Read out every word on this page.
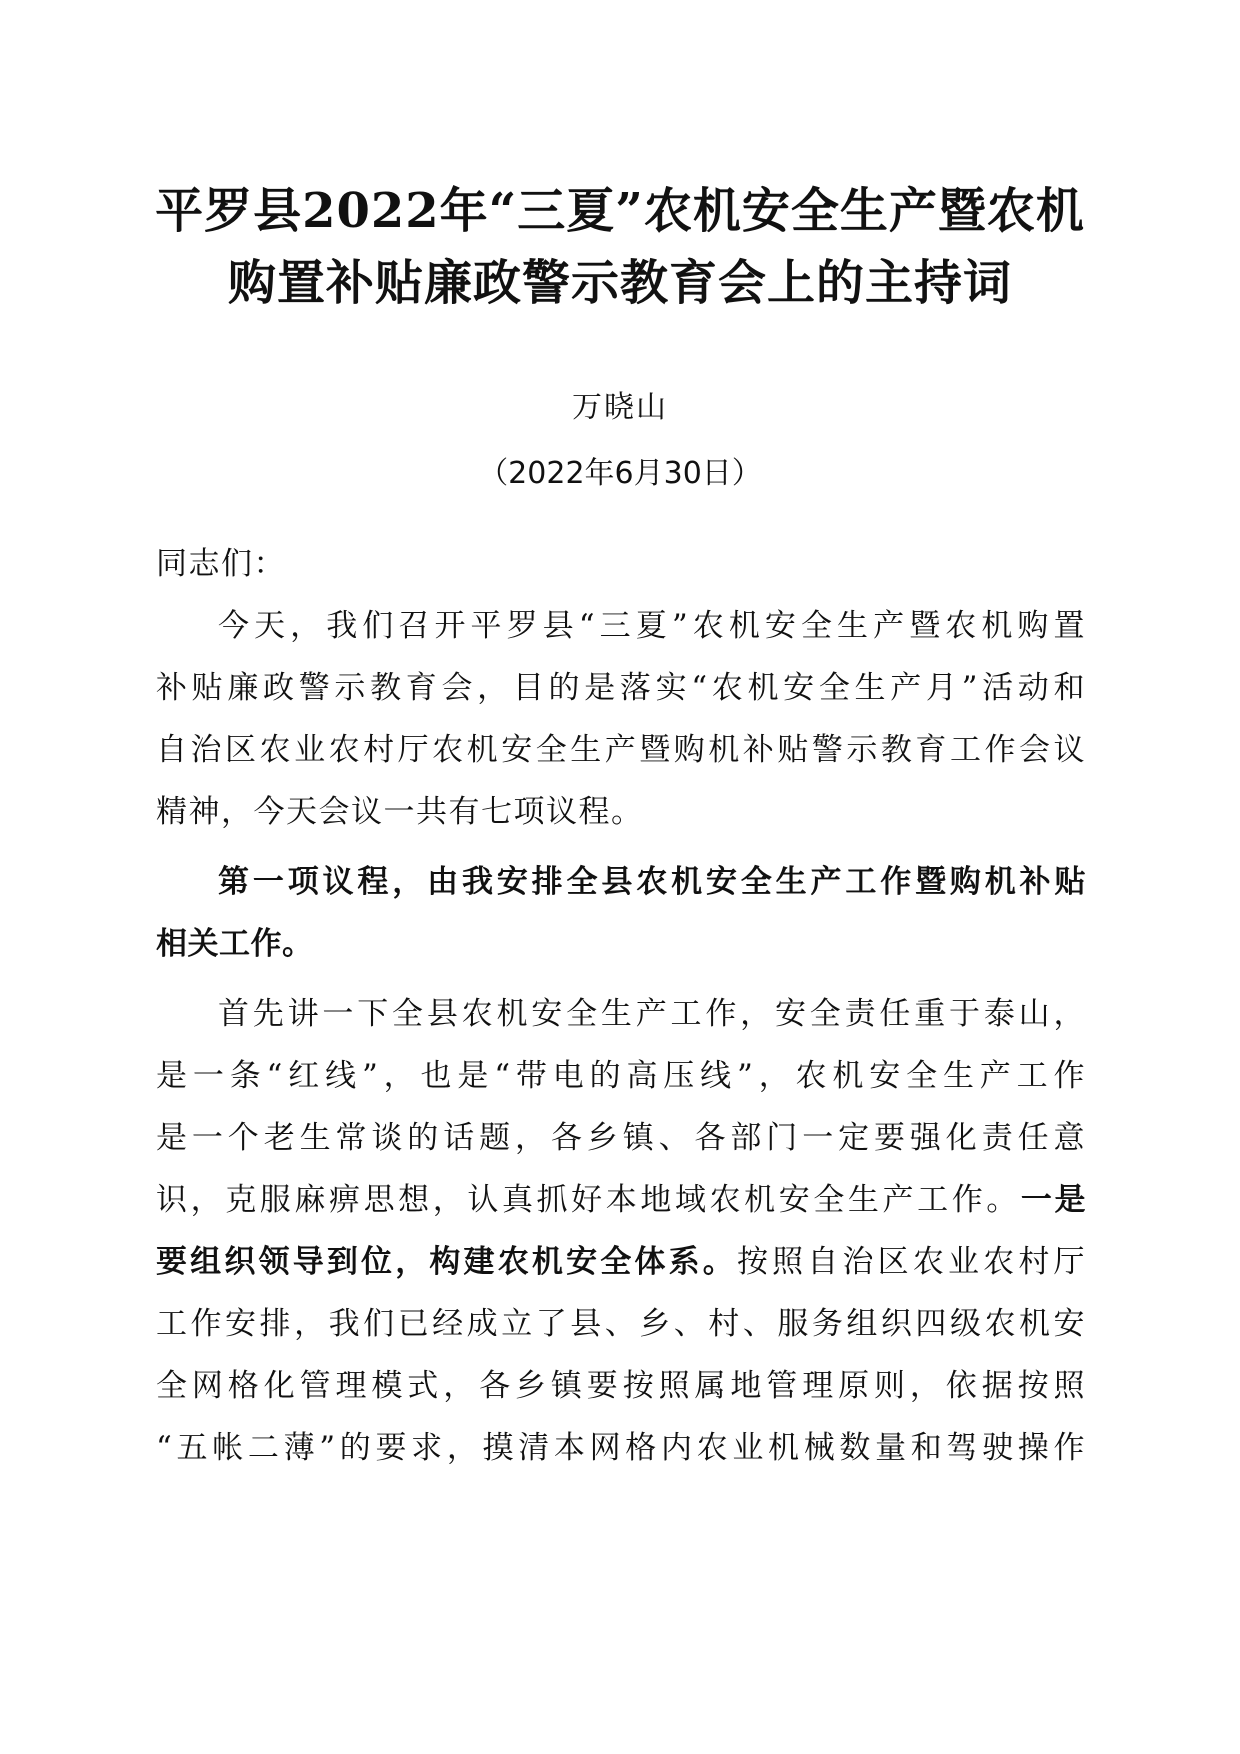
平罗县2022年“三夏”农机安全生产暨农机
购置补贴廉政警示教育会上的主持词
万晓山
（2022年6月30日）
同志们：
今天，我们召开平罗县“三夏”农机安全生产暨农机购置
补贴廉政警示教育会，目的是落实“农机安全生产月”活动和
自治区农业农村厅农机安全生产暨购机补贴警示教育工作会议
精神，今天会议一共有七项议程。
第一项议程，由我安排全县农机安全生产工作暨购机补贴
相关工作。
首先讲一下全县农机安全生产工作，安全责任重于泰山，
是一条“红线”，也是“带电的高压线”，农机安全生产工作
是一个老生常谈的话题，各乡镇、各部门一定要强化责任意
识，克服麻痹思想，认真抓好本地域农机安全生产工作。一是
要组织领导到位，构建农机安全体系。按照自治区农业农村厅
工作安排，我们已经成立了县、乡、村、服务组织四级农机安
全网格化管理模式，各乡镇要按照属地管理原则，依据按照
“五帐二薄”的要求，摸清本网格内农业机械数量和驾驶操作
